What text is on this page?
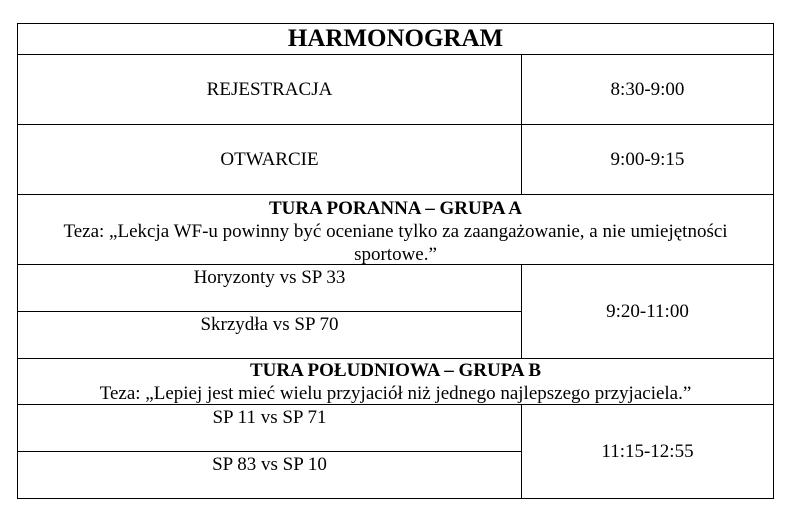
HARMONOGRAM
REJESTRACJA	8:30-9:00
OTWARCIE	9:00-9:15
TURA PORANNA – GRUPA A
Teza: „Lekcja WF-u powinny być oceniane tylko za zaangażowanie, a nie umiejętności sportowe.”
Horyzonty vs SP 33
Skrzydła vs SP 70
9:20-11:00
TURA POŁUDNIOWA – GRUPA B
Teza: „Lepiej jest mieć wielu przyjaciół niż jednego najlepszego przyjaciela.”
SP 11 vs SP 71
SP 83 vs SP 10
11:15-12:55
